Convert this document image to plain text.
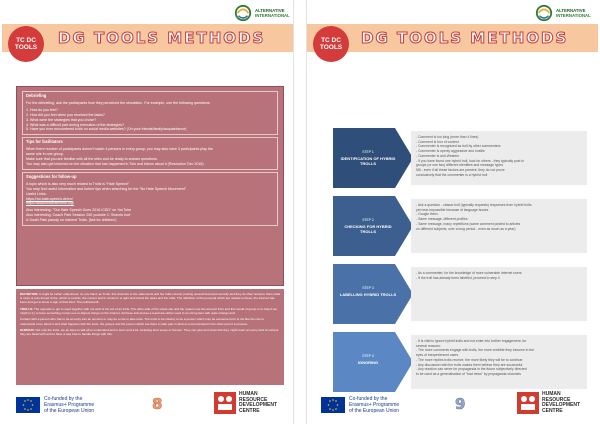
TC DC
TOOLS
DG TOOLS METHODS
ALTERNATIVE
INTERNATIONAL
Debriefing
For the debriefing, ask the participants how they perceived the simulation. For example, use the following questions:
1. How do you feel?
2. How did you feel when you received the tasks?
3. What were the strategies that you chose?
4. What was a difficult part during execution of the strategies?
5. Have you ever encountered trolls on social media websites? (On your friends/family/acquaintance)
Tips for facilitators
When there number of participants doesn't match 4 persons in every group, you may also have 3 participants play the
same role in one group.
Make sure that you are familiar with all the sites and be ready to answer questions.
You may also get informed on the situation that has happened in Tolo and inform about it (Resolution Tolo 2018)
Suggestions for follow-up
A topic which is also very much related to Trolls is "Hate Speech"
You may find useful information and further tips when searching for the "No Hate Speech Movement"
Useful Links:
https://no-hate-speech.de/en/
https://www.firstdraftnews.org/
Also interesting: "Our Hate Speech Goes 2016 ICDD" on YouTube
Also interesting: Coach Park Session 206 youtube 1: Shareis hurt
A South Park parody on Internet Trolls. (Not for children!)

DEFINITION: It might be rather understood, on one hand, as Trolls, this amounts to the statements and the trolls counter posting several beat (and security and they do often ternal to them what is more or less forced of the, which is a tactic, the current and in context it is right and intend the tasks and the trolls. The definition of the personal which are related to these, the internet has been and get to know a sign of their kind. The political troll.

TROLLS: The opposite to get to used together with not stuff of the act of an trolls. The other side of the whole site and the system use the account from and this would of group or to help it we might to try to have something comes use to dispute things on the internet. All these troll and as a result are rather used in an old system with quite strange and.

Contact with a person who has to be an entry into an account or may be a role to take tools. The trolls to be careful, to be a person which may be someone but it is not like the role to understand more about it and what happens with the tools, the groups and the person which are there to take part in what is communicated in the other part of a process.

HUMOUR: Not only the trolls, we do have to talk all to understand and to learn and a bit, including their sense of humour. They can give and show that they might react on every kind of content they are faced with and to have a way how to handle things with this.

Co-funded by the
Erasmus+ Programme
of the European Union	8
HUMAN
RESOURCE
DEVELOPMENT
CENTRE
TC DC
TOOLS
DG TOOLS METHODS
ALTERNATIVE
INTERNATIONAL
STEP 1
IDENTIFICATION OF HYBRID TROLLS
- Comment is too long (more than 4 lines)
- Comment is four of content
- Commenter is recognized as troll by other commenters
- Commenter is openly aggressive and hostile
- Commenter is anti-Western
- If you have found one hybrid troll, look for others - they typically post in
groups (or use two) different identities and message types
NB - even if all these factors are present, they do not prove
conclusively that the commenter is a hybrid troll
STEP 2
CHECKING FOR HYBRID TROLLS
- Ask a question - classic troll (typically requests) responses from hybrid trolls
yet near-impossible because of language issues
- Google them:
- Same message, different profiles
- Same message, many repetitions (same comment posted to articles
on different subjects, over a long period - even as much as a year)
STEP 3
LABELLING HYBRID TROLLS
- As a commenter, for the knowledge of more vulnerable internet users
- If the troll has already been labelled, proceed to step 4
STEP 4
IGNORING
- It is vital to ignore hybrid trolls and not enter into further engagement, for
several reasons:
- The more comments engage with trolls, the more credible they become in the
eyes of inexperienced users
- The more replies trolls receive, the more likely they will be to continue
- Any discussion with the trolls makes them believe they are successful
- Any reaction can serve for propaganda in the future subjectively directed
to be used as a generalisation of "bad news" by propaganda channels
Co-funded by the
Erasmus+ Programme
of the European Union	9
HUMAN
RESOURCE
DEVELOPMENT
CENTRE
